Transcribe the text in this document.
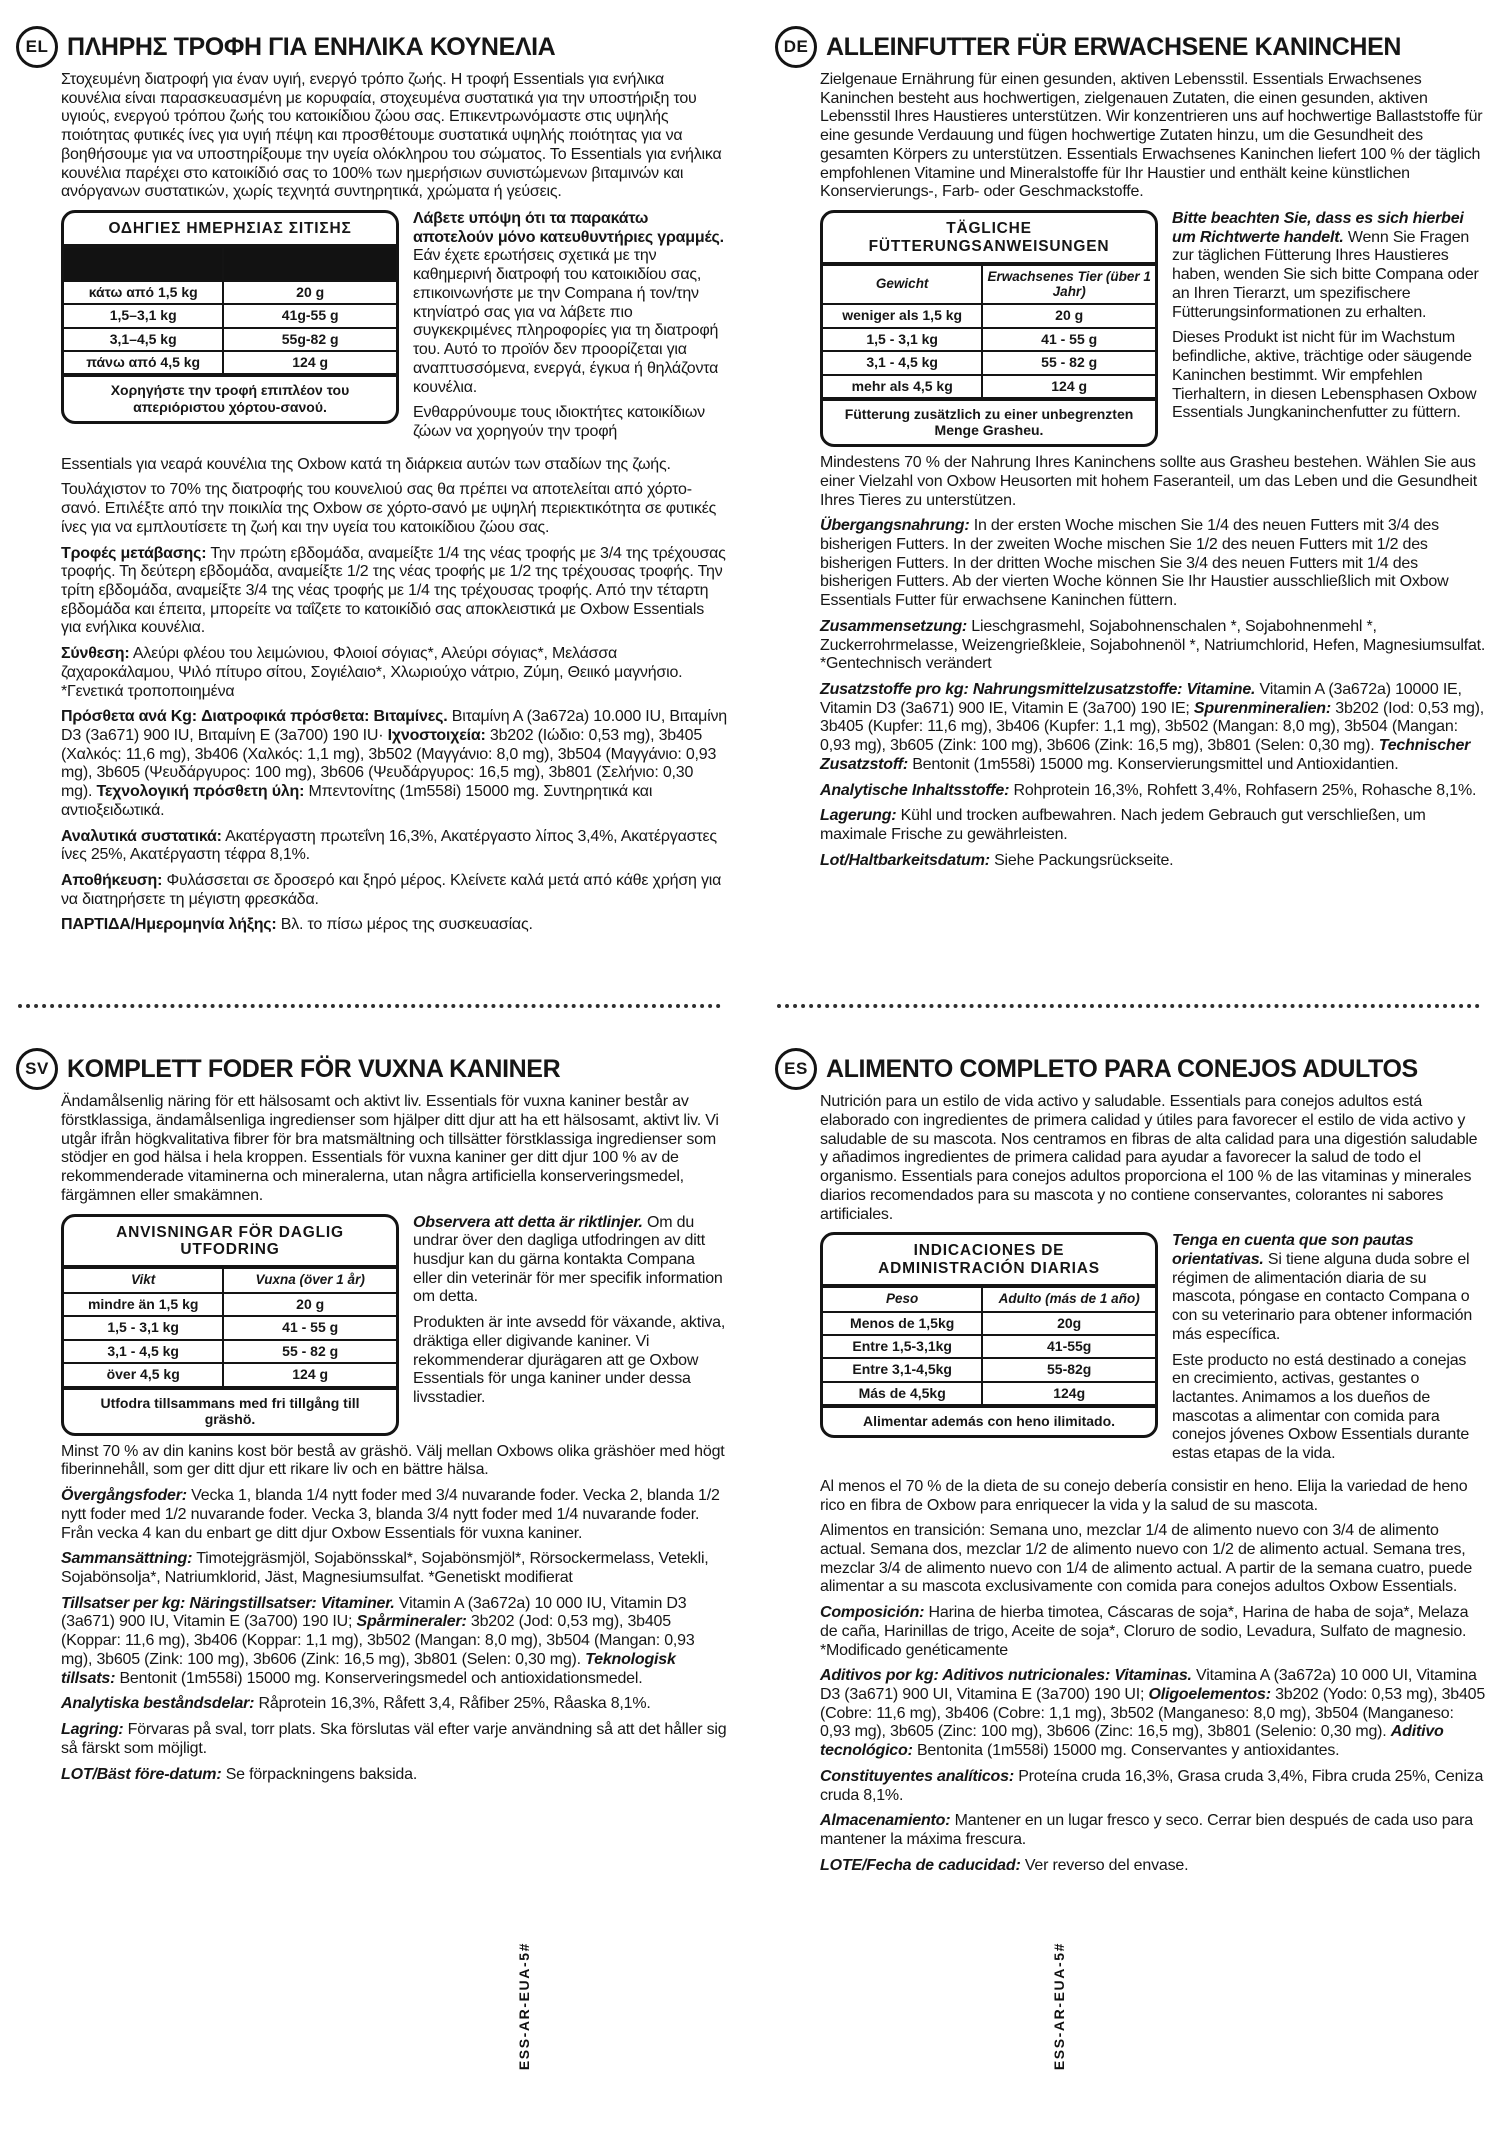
EL ΠΛΗΡΗΣ ΤΡΟΦΗ ΓΙΑ ΕΝΗΛΙΚΑ ΚΟΥΝΕΛΙΑ

Στοχευμένη διατροφή για έναν υγιή, ενεργό τρόπο ζωής. Η τροφή Essentials για ενήλικα κουνέλια είναι παρασκευασμένη με κορυφαία, στοχευμένα συστατικά για την υποστήριξη του υγιούς, ενεργού τρόπου ζωής του κατοικίδιου ζώου σας. Επικεντρωνόμαστε στις υψηλής ποιότητας φυτικές ίνες για υγιή πέψη και προσθέτουμε συστατικά υψηλής ποιότητας για να βοηθήσουμε για να υποστηρίξουμε την υγεία ολόκληρου του σώματος. Το Essentials για ενήλικα κουνέλια παρέχει στο κατοικίδιό σας το 100% των ημερήσιων συνιστώμενων βιταμινών και ανόργανων συστατικών, χωρίς τεχνητά συντηρητικά, χρώματα ή γεύσεις.

ΟΔΗΓΙΕΣ ΗΜΕΡΗΣΙΑΣ ΣΙΤΙΣΗΣ

κάτω από 1,5 kg	20 g
1,5–3,1 kg	41g-55 g
3,1–4,5 kg	55g-82 g
πάνω από 4,5 kg	124 g
Χορηγήστε την τροφή επιπλέον του απεριόριστου χόρτου-σανού.

Λάβετε υπόψη ότι τα παρακάτω αποτελούν μόνο κατευθυντήριες γραμμές. Εάν έχετε ερωτήσεις σχετικά με την καθημερινή διατροφή του κατοικιδίου σας, επικοινωνήστε με την Compana ή τον/την κτηνίατρό σας για να λάβετε πιο συγκεκριμένες πληροφορίες για τη διατροφή του. Αυτό το προϊόν δεν προορίζεται για αναπτυσσόμενα, ενεργά, έγκυα ή θηλάζοντα κουνέλια.

Ενθαρρύνουμε τους ιδιοκτήτες κατοικίδιων ζώων να χορηγούν την τροφή

Essentials για νεαρά κουνέλια της Oxbow κατά τη διάρκεια αυτών των σταδίων της ζωής.

Τουλάχιστον το 70% της διατροφής του κουνελιού σας θα πρέπει να αποτελείται από χόρτο-σανό. Επιλέξτε από την ποικιλία της Oxbow σε χόρτο-σανό με υψηλή περιεκτικότητα σε φυτικές ίνες για να εμπλουτίσετε τη ζωή και την υγεία του κατοικίδιου ζώου σας.

Τροφές μετάβασης: Την πρώτη εβδομάδα, αναμείξτε 1/4 της νέας τροφής με 3/4 της τρέχουσας τροφής. Τη δεύτερη εβδομάδα, αναμείξτε 1/2 της νέας τροφής με 1/2 της τρέχουσας τροφής. Την τρίτη εβδομάδα, αναμείξτε 3/4 της νέας τροφής με 1/4 της τρέχουσας τροφής. Από την τέταρτη εβδομάδα και έπειτα, μπορείτε να ταΐζετε το κατοικίδιό σας αποκλειστικά με Oxbow Essentials για ενήλικα κουνέλια.

Σύνθεση: Αλεύρι φλέου του λειμώνιου, Φλοιοί σόγιας*, Αλεύρι σόγιας*, Μελάσσα ζαχαροκάλαμου, Ψιλό πίτυρο σίτου, Σογιέλαιο*, Χλωριούχο νάτριο, Ζύμη, Θειικό μαγνήσιο. *Γενετικά τροποποιημένα

Πρόσθετα ανά Κg: Διατροφικά πρόσθετα: Βιταμίνες. Βιταμίνη Α (3a672a) 10.000 IU, Βιταμίνη D3 (3a671) 900 IU, Βιταμίνη Ε (3a700) 190 IU· Ιχνοστοιχεία: 3b202 (Ιώδιο: 0,53 mg), 3b405 (Χαλκός: 11,6 mg), 3b406 (Χαλκός: 1,1 mg), 3b502 (Μαγγάνιο: 8,0 mg), 3b504 (Μαγγάνιο: 0,93 mg), 3b605 (Ψευδάργυρος: 100 mg), 3b606 (Ψευδάργυρος: 16,5 mg), 3b801 (Σελήνιο: 0,30 mg). Τεχνολογική πρόσθετη ύλη: Μπεντονίτης (1m558i) 15000 mg. Συντηρητικά και αντιοξειδωτικά.

Αναλυτικά συστατικά: Ακατέργαστη πρωτεΐνη 16,3%, Ακατέργαστο λίπος 3,4%, Ακατέργαστες ίνες 25%, Ακατέργαστη τέφρα 8,1%.

Αποθήκευση: Φυλάσσεται σε δροσερό και ξηρό μέρος. Κλείνετε καλά μετά από κάθε χρήση για να διατηρήσετε τη μέγιστη φρεσκάδα.

ΠΑΡΤΙΔΑ/Ημερομηνία λήξης: Βλ. το πίσω μέρος της συσκευασίας.

DE ALLEINFUTTER FÜR ERWACHSENE KANINCHEN

Zielgenaue Ernährung für einen gesunden, aktiven Lebensstil. Essentials Erwachsenes Kaninchen besteht aus hochwertigen, zielgenauen Zutaten, die einen gesunden, aktiven Lebensstil Ihres Haustieres unterstützen. Wir konzentrieren uns auf hochwertige Ballaststoffe für eine gesunde Verdauung und fügen hochwertige Zutaten hinzu, um die Gesundheit des gesamten Körpers zu unterstützen. Essentials Erwachsenes Kaninchen liefert 100 % der täglich empfohlenen Vitamine und Mineralstoffe für Ihr Haustier und enthält keine künstlichen Konservierungs-, Farb- oder Geschmackstoffe.

TÄGLICHE FÜTTERUNGSANWEISUNGEN
Gewicht	Erwachsenes Tier (über 1 Jahr)
weniger als 1,5 kg	20 g
1,5 - 3,1 kg	41 - 55 g
3,1 - 4,5 kg	55 - 82 g
mehr als 4,5 kg	124 g
Fütterung zusätzlich zu einer unbegrenzten Menge Grasheu.

Bitte beachten Sie, dass es sich hierbei um Richtwerte handelt. Wenn Sie Fragen zur täglichen Fütterung Ihres Haustieres haben, wenden Sie sich bitte Compana oder an Ihren Tierarzt, um spezifischere Fütterungsinformationen zu erhalten.

Dieses Produkt ist nicht für im Wachstum befindliche, aktive, trächtige oder säugende Kaninchen bestimmt. Wir empfehlen Tierhaltern, in diesen Lebensphasen Oxbow Essentials Jungkaninchenfutter zu füttern.

Mindestens 70 % der Nahrung Ihres Kaninchens sollte aus Grasheu bestehen. Wählen Sie aus einer Vielzahl von Oxbow Heusorten mit hohem Faseranteil, um das Leben und die Gesundheit Ihres Tieres zu unterstützen.

Übergangsnahrung: In der ersten Woche mischen Sie 1/4 des neuen Futters mit 3/4 des bisherigen Futters. In der zweiten Woche mischen Sie 1/2 des neuen Futters mit 1/2 des bisherigen Futters. In der dritten Woche mischen Sie 3/4 des neuen Futters mit 1/4 des bisherigen Futters. Ab der vierten Woche können Sie Ihr Haustier ausschließlich mit Oxbow Essentials Futter für erwachsene Kaninchen füttern.

Zusammensetzung: Lieschgrasmehl, Sojabohnenschalen *, Sojabohnenmehl *, Zuckerrohrmelasse, Weizengrießkleie, Sojabohnenöl *, Natriumchlorid, Hefen, Magnesiumsulfat. *Gentechnisch verändert

Zusatzstoffe pro kg: Nahrungsmittelzusatzstoffe: Vitamine. Vitamin A (3a672a) 10000 IE, Vitamin D3 (3a671) 900 IE, Vitamin E (3a700) 190 IE; Spurenmineralien: 3b202 (Iod: 0,53 mg), 3b405 (Kupfer: 11,6 mg), 3b406 (Kupfer: 1,1 mg), 3b502 (Mangan: 8,0 mg), 3b504 (Mangan: 0,93 mg), 3b605 (Zink: 100 mg), 3b606 (Zink: 16,5 mg), 3b801 (Selen: 0,30 mg). Technischer Zusatzstoff: Bentonit (1m558i) 15000 mg. Konservierungsmittel und Antioxidantien.

Analytische Inhaltsstoffe: Rohprotein 16,3%, Rohfett 3,4%, Rohfasern 25%, Rohasche 8,1%.

Lagerung: Kühl und trocken aufbewahren. Nach jedem Gebrauch gut verschließen, um maximale Frische zu gewährleisten.

Lot/Haltbarkeitsdatum: Siehe Packungsrückseite.

SV KOMPLETT FODER FÖR VUXNA KANINER

Ändamålsenlig näring för ett hälsosamt och aktivt liv. Essentials för vuxna kaniner består av förstklassiga, ändamålsenliga ingredienser som hjälper ditt djur att ha ett hälsosamt, aktivt liv. Vi utgår ifrån högkvalitativa fibrer för bra matsmältning och tillsätter förstklassiga ingredienser som stödjer en god hälsa i hela kroppen. Essentials för vuxna kaniner ger ditt djur 100 % av de rekommenderade vitaminerna och mineralerna, utan några artificiella konserveringsmedel, färgämnen eller smakämnen.

ANVISNINGAR FÖR DAGLIG UTFODRING
Vikt	Vuxna (över 1 år)
mindre än 1,5 kg	20 g
1,5 - 3,1 kg	41 - 55 g
3,1 - 4,5 kg	55 - 82 g
över 4,5 kg	124 g
Utfodra tillsammans med fri tillgång till gräshö.

Observera att detta är riktlinjer. Om du undrar över den dagliga utfodringen av ditt husdjur kan du gärna kontakta Compana eller din veterinär för mer specifik information om detta.

Produkten är inte avsedd för växande, aktiva, dräktiga eller digivande kaniner. Vi rekommenderar djurägaren att ge Oxbow Essentials för unga kaniner under dessa livsstadier.

Minst 70 % av din kanins kost bör bestå av gräshö. Välj mellan Oxbows olika gräshöer med högt fiberinnehåll, som ger ditt djur ett rikare liv och en bättre hälsa.

Övergångsfoder: Vecka 1, blanda 1/4 nytt foder med 3/4 nuvarande foder. Vecka 2, blanda 1/2 nytt foder med 1/2 nuvarande foder. Vecka 3, blanda 3/4 nytt foder med 1/4 nuvarande foder. Från vecka 4 kan du enbart ge ditt djur Oxbow Essentials för vuxna kaniner.

Sammansättning: Timotejgräsmjöl, Sojabönsskal*, Sojabönsmjöl*, Rörsockermelass, Vetekli, Sojabönsolja*, Natriumklorid, Jäst, Magnesiumsulfat. *Genetiskt modifierat

Tillsatser per kg: Näringstillsatser: Vitaminer. Vitamin A (3a672a) 10 000 IU, Vitamin D3 (3a671) 900 IU, Vitamin E (3a700) 190 IU; Spårmineraler: 3b202 (Jod: 0,53 mg), 3b405 (Koppar: 11,6 mg), 3b406 (Koppar: 1,1 mg), 3b502 (Mangan: 8,0 mg), 3b504 (Mangan: 0,93 mg), 3b605 (Zink: 100 mg), 3b606 (Zink: 16,5 mg), 3b801 (Selen: 0,30 mg). Teknologisk tillsats: Bentonit (1m558i) 15000 mg. Konserveringsmedel och antioxidationsmedel.

Analytiska beståndsdelar: Råprotein 16,3%, Råfett 3,4, Råfiber 25%, Råaska 8,1%.

Lagring: Förvaras på sval, torr plats. Ska förslutas väl efter varje användning så att det håller sig så färskt som möjligt.

LOT/Bäst före-datum: Se förpackningens baksida.

ES ALIMENTO COMPLETO PARA CONEJOS ADULTOS

Nutrición para un estilo de vida activo y saludable. Essentials para conejos adultos está elaborado con ingredientes de primera calidad y útiles para favorecer el estilo de vida activo y saludable de su mascota. Nos centramos en fibras de alta calidad para una digestión saludable y añadimos ingredientes de primera calidad para ayudar a favorecer la salud de todo el organismo. Essentials para conejos adultos proporciona el 100 % de las vitaminas y minerales diarios recomendados para su mascota y no contiene conservantes, colorantes ni sabores artificiales.

INDICACIONES DE ADMINISTRACIÓN DIARIAS
Peso	Adulto (más de 1 año)
Menos de 1,5kg	20g
Entre 1,5-3,1kg	41-55g
Entre 3,1-4,5kg	55-82g
Más de 4,5kg	124g
Alimentar además con heno ilimitado.

Tenga en cuenta que son pautas orientativas. Si tiene alguna duda sobre el régimen de alimentación diaria de su mascota, póngase en contacto Compana o con su veterinario para obtener información más específica.

Este producto no está destinado a conejas en crecimiento, activas, gestantes o lactantes. Animamos a los dueños de mascotas a alimentar con comida para conejos jóvenes Oxbow Essentials durante estas etapas de la vida.

Al menos el 70 % de la dieta de su conejo debería consistir en heno. Elija la variedad de heno rico en fibra de Oxbow para enriquecer la vida y la salud de su mascota.

Alimentos en transición: Semana uno, mezclar 1/4 de alimento nuevo con 3/4 de alimento actual. Semana dos, mezclar 1/2 de alimento nuevo con 1/2 de alimento actual. Semana tres, mezclar 3/4 de alimento nuevo con 1/4 de alimento actual. A partir de la semana cuatro, puede alimentar a su mascota exclusivamente con comida para conejos adultos Oxbow Essentials.

Composición: Harina de hierba timotea, Cáscaras de soja*, Harina de haba de soja*, Melaza de caña, Harinillas de trigo, Aceite de soja*, Cloruro de sodio, Levadura, Sulfato de magnesio. *Modificado genéticamente

Aditivos por kg: Aditivos nutricionales: Vitaminas. Vitamina A (3a672a) 10 000 UI, Vitamina D3 (3a671) 900 UI, Vitamina E (3a700) 190 UI; Oligoelementos: 3b202 (Yodo: 0,53 mg), 3b405 (Cobre: 11,6 mg), 3b406 (Cobre: 1,1 mg), 3b502 (Manganeso: 8,0 mg), 3b504 (Manganeso: 0,93 mg), 3b605 (Zinc: 100 mg), 3b606 (Zinc: 16,5 mg), 3b801 (Selenio: 0,30 mg). Aditivo tecnológico: Bentonita (1m558i) 15000 mg. Conservantes y antioxidantes.

Constituyentes analíticos: Proteína cruda 16,3%, Grasa cruda 3,4%, Fibra cruda 25%, Ceniza cruda 8,1%.

Almacenamiento: Mantener en un lugar fresco y seco. Cerrar bien después de cada uso para mantener la máxima frescura.

LOTE/Fecha de caducidad: Ver reverso del envase.

ESS-AR-EUA-5#	ESS-AR-EUA-5#
